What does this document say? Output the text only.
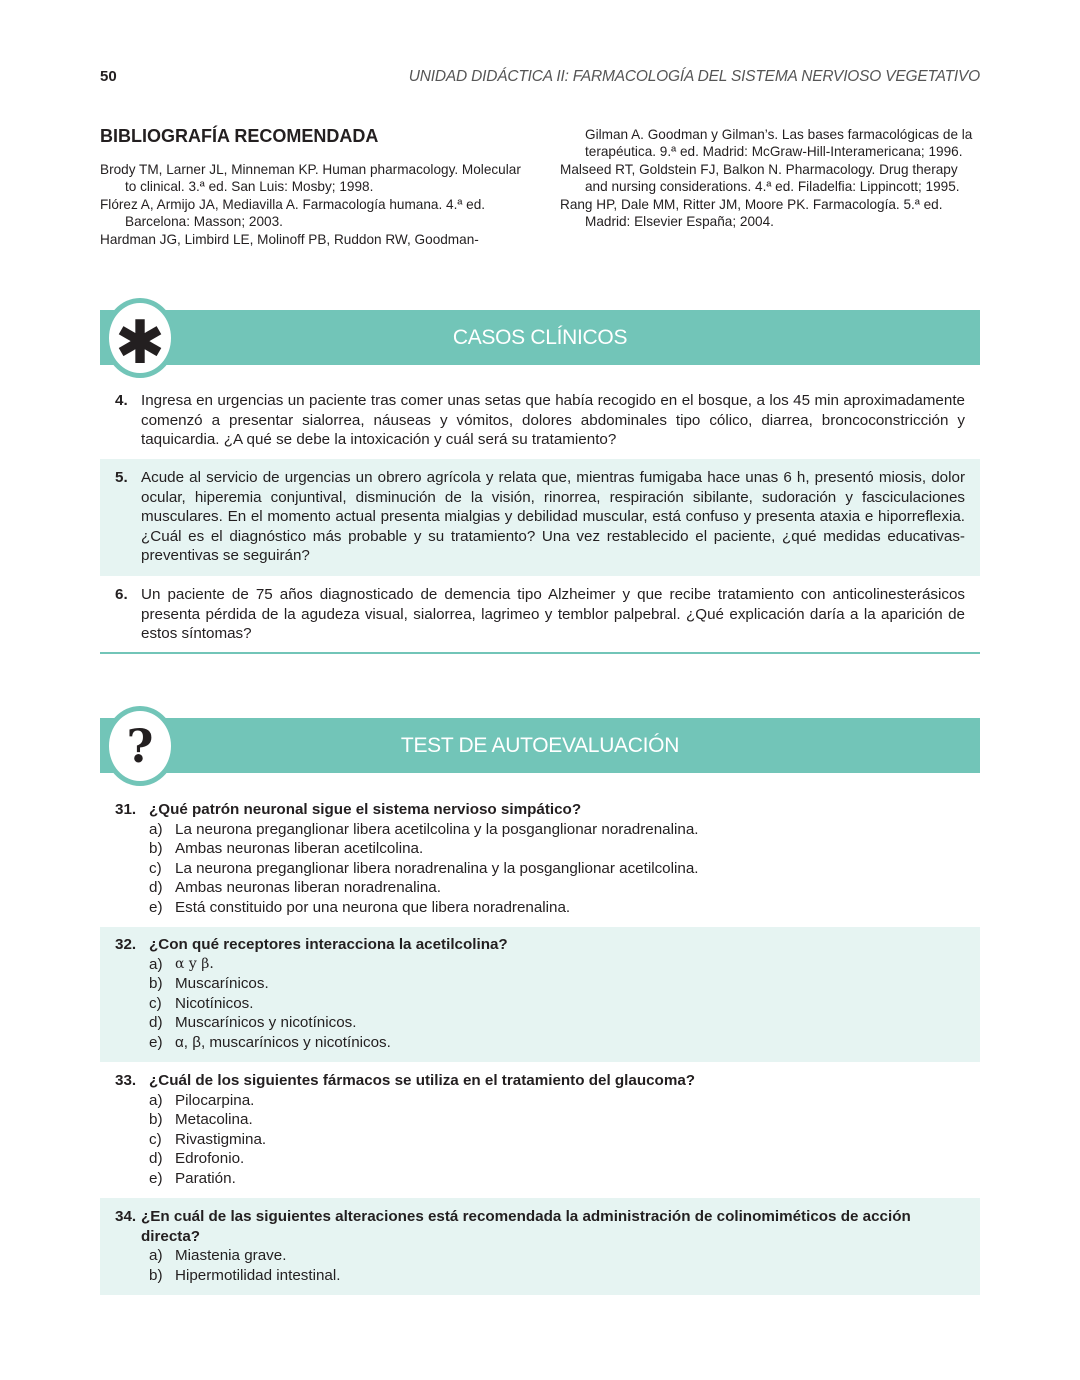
50	UNIDAD DIDÁCTICA II: FARMACOLOGÍA DEL SISTEMA NERVIOSO VEGETATIVO
BIBLIOGRAFÍA RECOMENDADA
Brody TM, Larner JL, Minneman KP. Human pharmacology. Molecular to clinical. 3.ª ed. San Luis: Mosby; 1998.
Flórez A, Armijo JA, Mediavilla A. Farmacología humana. 4.ª ed. Barcelona: Masson; 2003.
Hardman JG, Limbird LE, Molinoff PB, Ruddon RW, Goodman-
Gilman A. Goodman y Gilman’s. Las bases farmacológicas de la terapéutica. 9.ª ed. Madrid: McGraw-Hill-Interamericana; 1996.
Malseed RT, Goldstein FJ, Balkon N. Pharmacology. Drug therapy and nursing considerations. 4.ª ed. Filadelfia: Lippincott; 1995.
Rang HP, Dale MM, Ritter JM, Moore PK. Farmacología. 5.ª ed. Madrid: Elsevier España; 2004.
CASOS CLÍNICOS
✱
4. Ingresa en urgencias un paciente tras comer unas setas que había recogido en el bosque, a los 45 min aproximadamente comenzó a presentar sialorrea, náuseas y vómitos, dolores abdominales tipo cólico, diarrea, broncoconstricción y taquicardia. ¿A qué se debe la intoxicación y cuál será su tratamiento?
5. Acude al servicio de urgencias un obrero agrícola y relata que, mientras fumigaba hace unas 6 h, presentó miosis, dolor ocular, hiperemia conjuntival, disminución de la visión, rinorrea, respiración sibilante, sudoración y fasciculaciones musculares. En el momento actual presenta mialgias y debilidad muscular, está confuso y presenta ataxia e hiporreflexia. ¿Cuál es el diagnóstico más probable y su tratamiento? Una vez restablecido el paciente, ¿qué medidas educativas-preventivas se seguirán?
6. Un paciente de 75 años diagnosticado de demencia tipo Alzheimer y que recibe tratamiento con anticolinesterásicos presenta pérdida de la agudeza visual, sialorrea, lagrimeo y temblor palpebral. ¿Qué explicación daría a la aparición de estos síntomas?
TEST DE AUTOEVALUACIÓN
?
31. ¿Qué patrón neuronal sigue el sistema nervioso simpático?
a) La neurona preganglionar libera acetilcolina y la posganglionar noradrenalina.
b) Ambas neuronas liberan acetilcolina.
c) La neurona preganglionar libera noradrenalina y la posganglionar acetilcolina.
d) Ambas neuronas liberan noradrenalina.
e) Está constituido por una neurona que libera noradrenalina.
32. ¿Con qué receptores interacciona la acetilcolina?
a) α y β.
b) Muscarínicos.
c) Nicotínicos.
d) Muscarínicos y nicotínicos.
e) α, β, muscarínicos y nicotínicos.
33. ¿Cuál de los siguientes fármacos se utiliza en el tratamiento del glaucoma?
a) Pilocarpina.
b) Metacolina.
c) Rivastigmina.
d) Edrofonio.
e) Paratión.
34. ¿En cuál de las siguientes alteraciones está recomendada la administración de colinomiméticos de acción directa?
a) Miastenia grave.
b) Hipermotilidad intestinal.
